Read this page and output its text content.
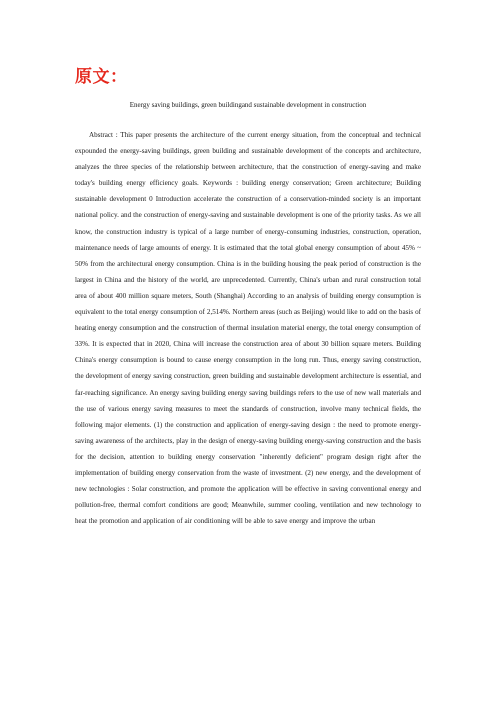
原文：

Energy saving buildings, green buildingand sustainable development in construction

Abstract : This paper presents the architecture of the current energy situation, from the conceptual and technical expounded the energy-saving buildings, green building and sustainable development of the concepts and architecture, analyzes the three species of the relationship between architecture, that the construction of energy-saving and make today's building energy efficiency goals. Keywords : building energy conservation; Green architecture; Building sustainable development 0 Introduction accelerate the construction of a conservation-minded society is an important national policy. and the construction of energy-saving and sustainable development is one of the priority tasks. As we all know, the construction industry is typical of a large number of energy-consuming industries, construction, operation, maintenance needs of large amounts of energy. It is estimated that the total global energy consumption of about 45% ~ 50% from the architectural energy consumption. China is in the building housing the peak period of construction is the largest in China and the history of the world, are unprecedented. Currently, China's urban and rural construction total area of about 400 million square meters, South (Shanghai) According to an analysis of building energy consumption is equivalent to the total energy consumption of 2,514%. Northern areas (such as Beijing) would like to add on the basis of heating energy consumption and the construction of thermal insulation material energy, the total energy consumption of 33%. It is expected that in 2020, China will increase the construction area of about 30 billion square meters. Building China's energy consumption is bound to cause energy consumption in the long run. Thus, energy saving construction, the development of energy saving construction, green building and sustainable development architecture is essential, and far-reaching significance. An energy saving building energy saving buildings refers to the use of new wall materials and the use of various energy saving measures to meet the standards of construction, involve many technical fields, the following major elements. (1) the construction and application of energy-saving design : the need to promote energy-saving awareness of the architects, play in the design of energy-saving building energy-saving construction and the basis for the decision, attention to building energy conservation "inherently deficient" program design right after the implementation of building energy conservation from the waste of investment. (2) new energy, and the development of new technologies : Solar construction, and promote the application will be effective in saving conventional energy and pollution-free, thermal comfort conditions are good; Meanwhile, summer cooling, ventilation and new technology to heat the promotion and application of air conditioning will be able to save energy and improve the urban
